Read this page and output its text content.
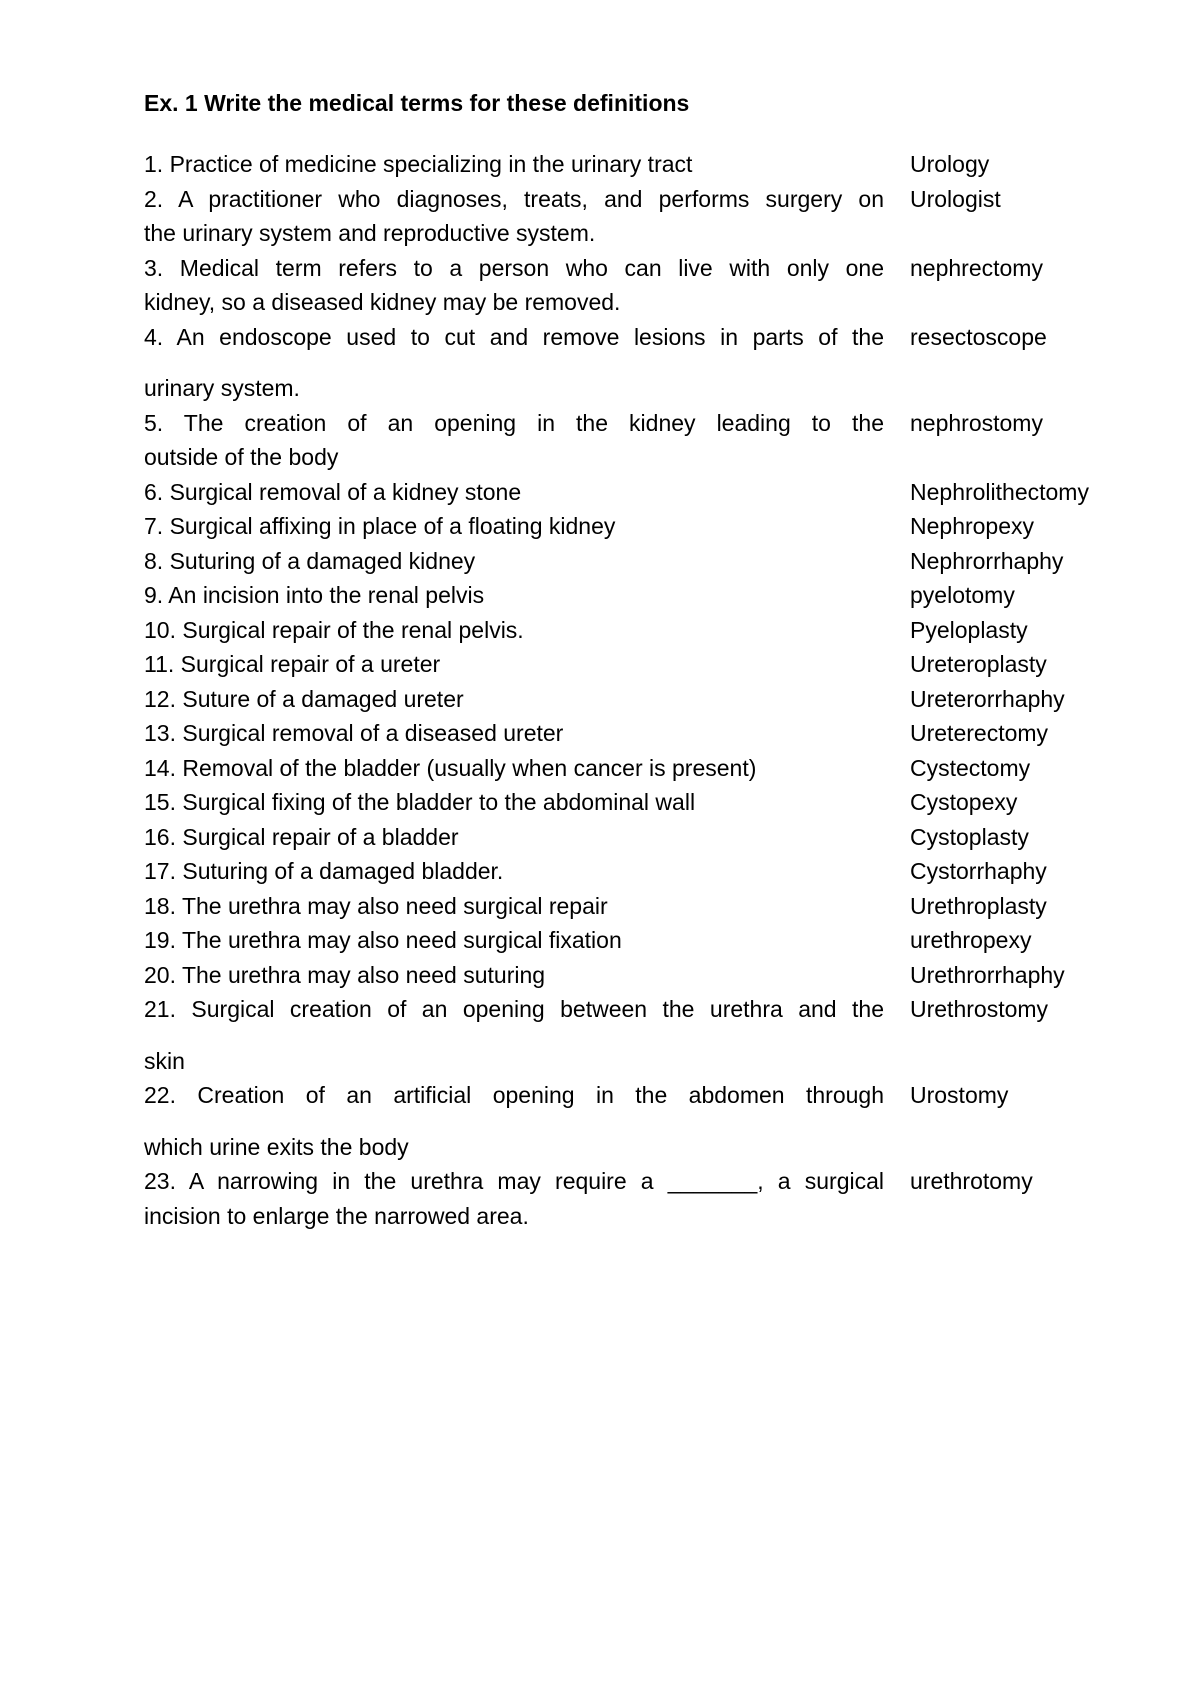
Ex. 1 Write the medical terms for these definitions
1. Practice of medicine specializing in the urinary tract	Urology
2. A practitioner who diagnoses, treats, and performs surgery on
the urinary system and reproductive system.
Urologist
3. Medical term refers to a person who can live with only one
kidney, so a diseased kidney may be removed.
nephrectomy
4. An endoscope used to cut and remove lesions in parts of the
urinary system.
resectoscope
5. The creation of an opening in the kidney leading to the
outside of the body
nephrostomy
6. Surgical removal of a kidney stone	Nephrolithectomy
7. Surgical affixing in place of a floating kidney	Nephropexy
8. Suturing of a damaged kidney	Nephrorrhaphy
9. An incision into the renal pelvis	pyelotomy
10. Surgical repair of the renal pelvis.	Pyeloplasty
11. Surgical repair of a ureter	Ureteroplasty
12. Suture of a damaged ureter	Ureterorrhaphy
13. Surgical removal of a diseased ureter	Ureterectomy
14. Removal of the bladder (usually when cancer is present)	Cystectomy
15. Surgical fixing of the bladder to the abdominal wall	Cystopexy
16. Surgical repair of a bladder	Cystoplasty
17. Suturing of a damaged bladder.	Cystorrhaphy
18. The urethra may also need surgical repair	Urethroplasty
19. The urethra may also need surgical fixation	urethropexy
20. The urethra may also need suturing	Urethrorrhaphy
21. Surgical creation of an opening between the urethra and the
skin
Urethrostomy
22. Creation of an artificial opening in the abdomen through
which urine exits the body
Urostomy
23. A narrowing in the urethra may require a _______, a surgical
incision to enlarge the narrowed area.
urethrotomy
